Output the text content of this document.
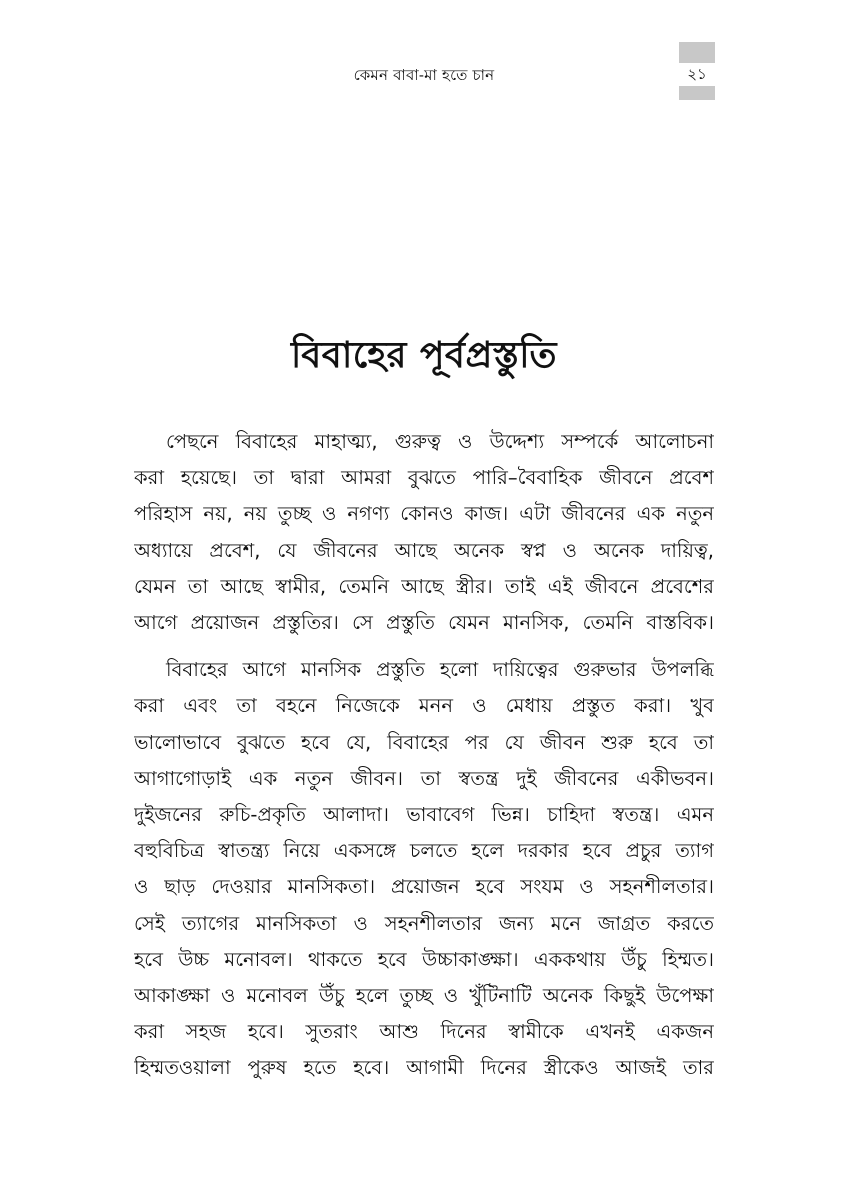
কেমন বাবা-মা হতে চান	২১
বিবাহের পূর্বপ্রস্তুতি
পেছনে বিবাহের মাহাত্ম্য, গুরুত্ব ও উদ্দেশ্য সম্পর্কে আলোচনা
করা হয়েছে। তা দ্বারা আমরা বুঝতে পারি–বৈবাহিক জীবনে প্রবেশ
পরিহাস নয়, নয় তুচ্ছ ও নগণ্য কোনও কাজ। এটা জীবনের এক নতুন
অধ্যায়ে প্রবেশ, যে জীবনের আছে অনেক স্বপ্ন ও অনেক দায়িত্ব,
যেমন তা আছে স্বামীর, তেমনি আছে স্ত্রীর। তাই এই জীবনে প্রবেশের
আগে প্রয়োজন প্রস্তুতির। সে প্রস্তুতি যেমন মানসিক, তেমনি বাস্তবিক।
বিবাহের আগে মানসিক প্রস্তুতি হলো দায়িত্বের গুরুভার উপলব্ধি
করা এবং তা বহনে নিজেকে মনন ও মেধায় প্রস্তুত করা। খুব
ভালোভাবে বুঝতে হবে যে, বিবাহের পর যে জীবন শুরু হবে তা
আগাগোড়াই এক নতুন জীবন। তা স্বতন্ত্র দুই জীবনের একীভবন।
দুইজনের রুচি-প্রকৃতি আলাদা। ভাবাবেগ ভিন্ন। চাহিদা স্বতন্ত্র। এমন
বহুবিচিত্র স্বাতন্ত্র্য নিয়ে একসঙ্গে চলতে হলে দরকার হবে প্রচুর ত্যাগ
ও ছাড় দেওয়ার মানসিকতা। প্রয়োজন হবে সংযম ও সহনশীলতার।
সেই ত্যাগের মানসিকতা ও সহনশীলতার জন্য মনে জাগ্রত করতে
হবে উচ্চ মনোবল। থাকতে হবে উচ্চাকাঙ্ক্ষা। এককথায় উঁচু হিম্মত।
আকাঙ্ক্ষা ও মনোবল উঁচু হলে তুচ্ছ ও খুঁটিনাটি অনেক কিছুই উপেক্ষা
করা সহজ হবে। সুতরাং আশু দিনের স্বামীকে এখনই একজন
হিম্মতওয়ালা পুরুষ হতে হবে। আগামী দিনের স্ত্রীকেও আজই তার
